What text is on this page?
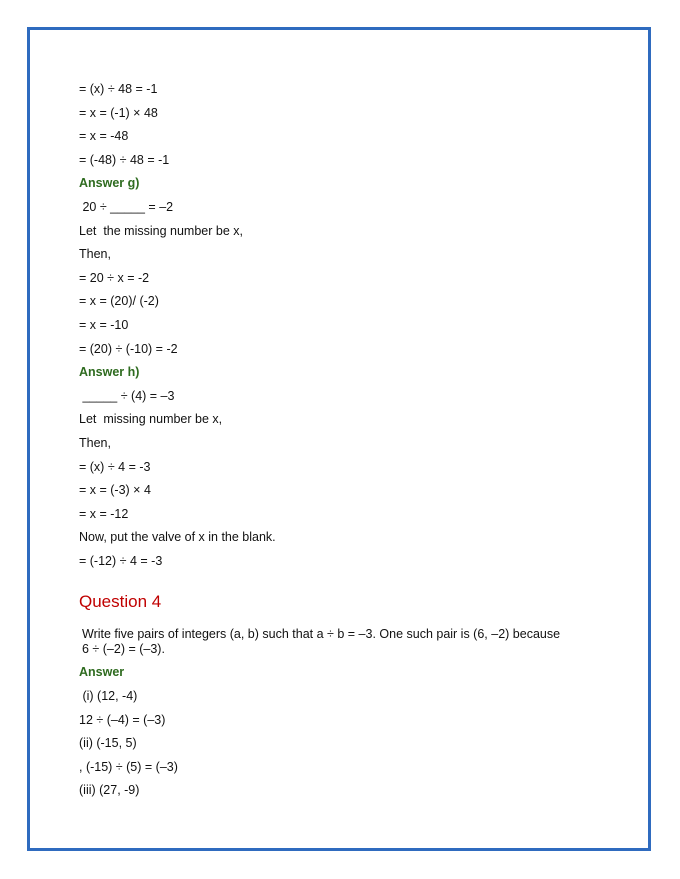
= (x) ÷ 48 = -1
= x = (-1) × 48
= x = -48
= (-48) ÷ 48 = -1
Answer g)
20 ÷ _____ = –2
Let  the missing number be x,
Then,
= 20 ÷ x = -2
= x = (20)/ (-2)
= x = -10
= (20) ÷ (-10) = -2
Answer h)
_____ ÷ (4) = –3
Let  missing number be x,
Then,
= (x) ÷ 4 = -3
= x = (-3) × 4
= x = -12
Now, put the valve of x in the blank.
= (-12) ÷ 4 = -3
Question 4
Write five pairs of integers (a, b) such that a ÷ b = –3. One such pair is (6, –2) because
6 ÷ (–2) = (–3).
Answer
(i) (12, -4)
12 ÷ (–4) = (–3)
(ii) (-15, 5)
, (-15) ÷ (5) = (–3)
(iii) (27, -9)
